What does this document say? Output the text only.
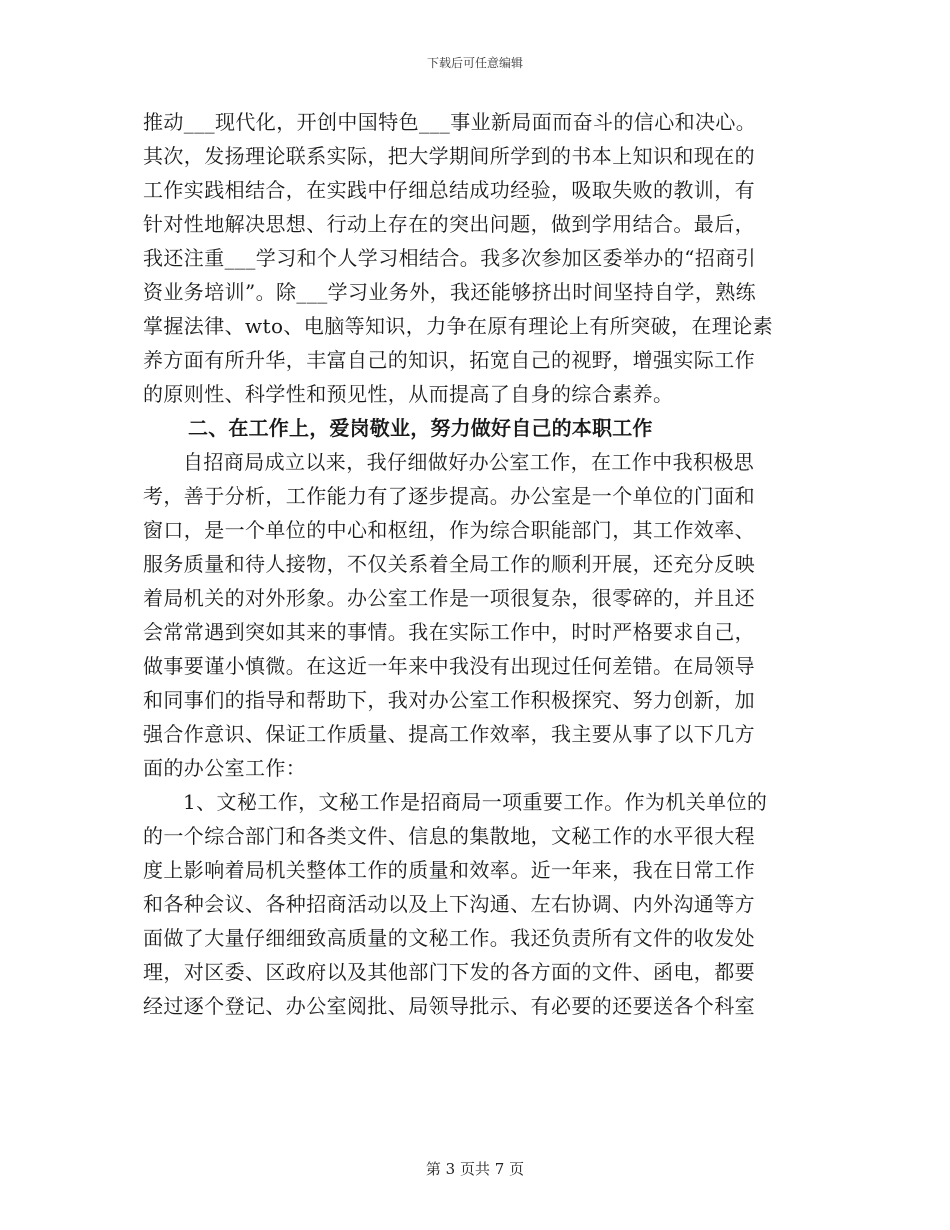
下载后可任意编辑
推动___现代化，开创中国特色___事业新局面而奋斗的信心和决心。
其次，发扬理论联系实际，把大学期间所学到的书本上知识和现在的
工作实践相结合，在实践中仔细总结成功经验，吸取失败的教训，有
针对性地解决思想、行动上存在的突出问题，做到学用结合。最后，
我还注重___学习和个人学习相结合。我多次参加区委举办的“招商引
资业务培训”。除___学习业务外，我还能够挤出时间坚持自学，熟练
掌握法律、wto、电脑等知识，力争在原有理论上有所突破，在理论素
养方面有所升华，丰富自己的知识，拓宽自己的视野，增强实际工作
的原则性、科学性和预见性，从而提高了自身的综合素养。
二、在工作上，爱岗敬业，努力做好自己的本职工作
自招商局成立以来，我仔细做好办公室工作，在工作中我积极思
考，善于分析，工作能力有了逐步提高。办公室是一个单位的门面和
窗口，是一个单位的中心和枢纽，作为综合职能部门，其工作效率、
服务质量和待人接物，不仅关系着全局工作的顺利开展，还充分反映
着局机关的对外形象。办公室工作是一项很复杂，很零碎的，并且还
会常常遇到突如其来的事情。我在实际工作中，时时严格要求自己，
做事要谨小慎微。在这近一年来中我没有出现过任何差错。在局领导
和同事们的指导和帮助下，我对办公室工作积极探究、努力创新，加
强合作意识、保证工作质量、提高工作效率，我主要从事了以下几方
面的办公室工作：
1、文秘工作，文秘工作是招商局一项重要工作。作为机关单位的
的一个综合部门和各类文件、信息的集散地，文秘工作的水平很大程
度上影响着局机关整体工作的质量和效率。近一年来，我在日常工作
和各种会议、各种招商活动以及上下沟通、左右协调、内外沟通等方
面做了大量仔细细致高质量的文秘工作。我还负责所有文件的收发处
理，对区委、区政府以及其他部门下发的各方面的文件、函电，都要
经过逐个登记、办公室阅批、局领导批示、有必要的还要送各个科室
第 3 页共 7 页
